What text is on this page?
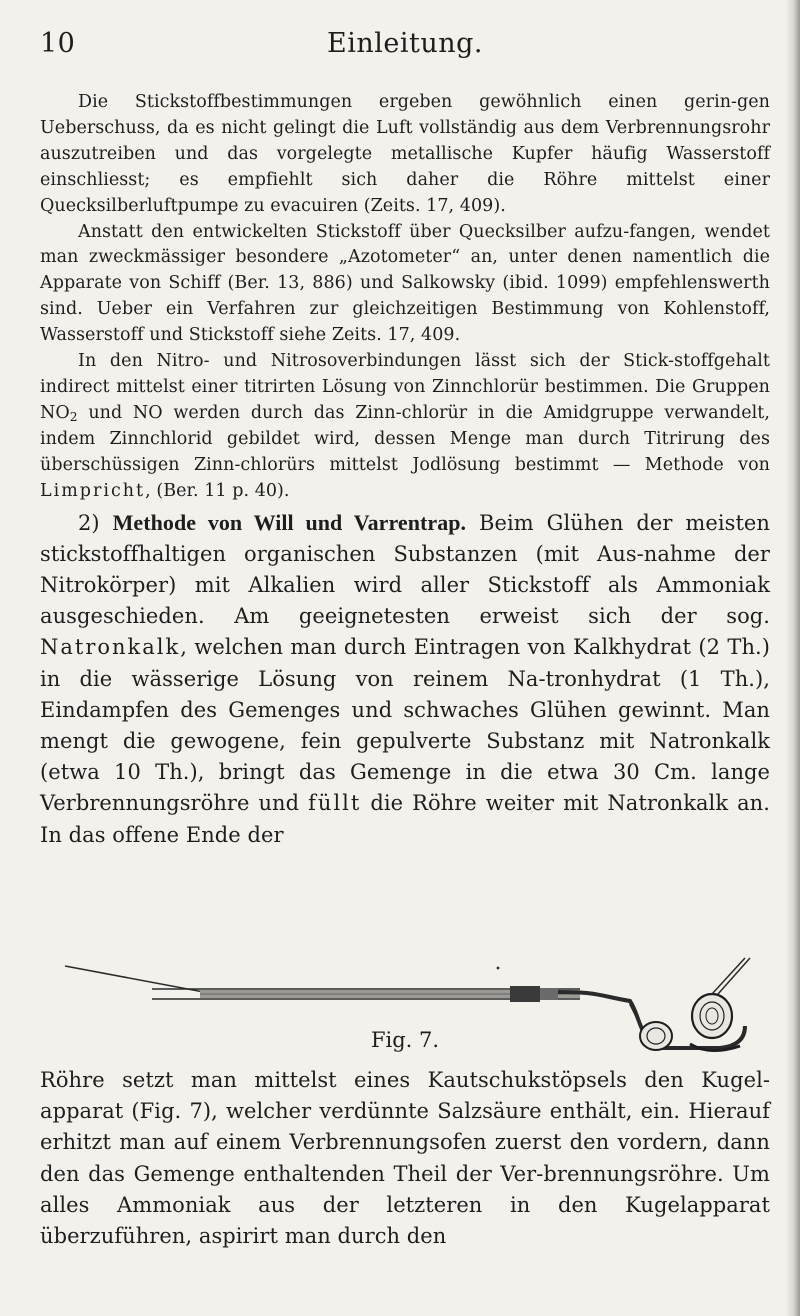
10	Einleitung.

Die Stickstoffbestimmungen ergeben gewöhnlich einen gerin-gen Ueberschuss, da es nicht gelingt die Luft vollständig aus dem Verbrennungsrohr auszutreiben und das vorgelegte metallische Kupfer häufig Wasserstoff einschliesst; es empfiehlt sich daher die Röhre mittelst einer Quecksilberluftpumpe zu evacuiren (Zeits. 17, 409).

Anstatt den entwickelten Stickstoff über Quecksilber aufzu-fangen, wendet man zweckmässiger besondere „Azotometer“ an, unter denen namentlich die Apparate von Schiff (Ber. 13, 886) und Salkowsky (ibid. 1099) empfehlenswerth sind. Ueber ein Verfahren zur gleichzeitigen Bestimmung von Kohlenstoff, Wasserstoff und Stickstoff siehe Zeits. 17, 409.

In den Nitro- und Nitrosoverbindungen lässt sich der Stick-stoffgehalt indirect mittelst einer titrirten Lösung von Zinnchlorür bestimmen. Die Gruppen $NO_2$ und NO werden durch das Zinn-chlorür in die Amidgruppe verwandelt, indem Zinnchlorid gebildet wird, dessen Menge man durch Titrirung des überschüssigen Zinn-chlorürs mittelst Jodlösung bestimmt — Methode von Limpricht, (Ber. 11 p. 40).

2) Methode von Will und Varrentrap. Beim Glühen der meisten stickstoffhaltigen organischen Substanzen (mit Aus-nahme der Nitrokörper) mit Alkalien wird aller Stickstoff als Ammoniak ausgeschieden. Am geeignetesten erweist sich der sog. Natronkalk, welchen man durch Eintragen von Kalkhydrat (2 Th.) in die wässerige Lösung von reinem Na-tronhydrat (1 Th.), Eindampfen des Gemenges und schwaches Glühen gewinnt. Man mengt die gewogene, fein gepulverte Substanz mit Natronkalk (etwa 10 Th.), bringt das Gemenge in die etwa 30 Cm. lange Verbrennungsröhre und füllt die Röhre weiter mit Natronkalk an. In das offene Ende der

Fig. 7.

Röhre setzt man mittelst eines Kautschukstöpsels den Kugel-apparat (Fig. 7), welcher verdünnte Salzsäure enthält, ein. Hierauf erhitzt man auf einem Verbrennungsofen zuerst den vordern, dann den das Gemenge enthaltenden Theil der Ver-brennungsröhre. Um alles Ammoniak aus der letzteren in den Kugelapparat überzuführen, aspirirt man durch den
